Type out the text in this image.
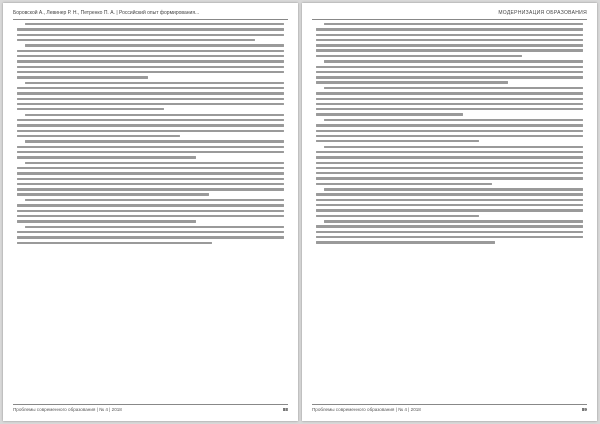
Боровской А., Левинер Р. Н., Петренко П. А. | Российский опыт формирования...
Проблемы современного образования | № 4 | 2018	88
МОДЕРНИЗАЦИЯ ОБРАЗОВАНИЯ
Проблемы современного образования | № 4 | 2018	89
